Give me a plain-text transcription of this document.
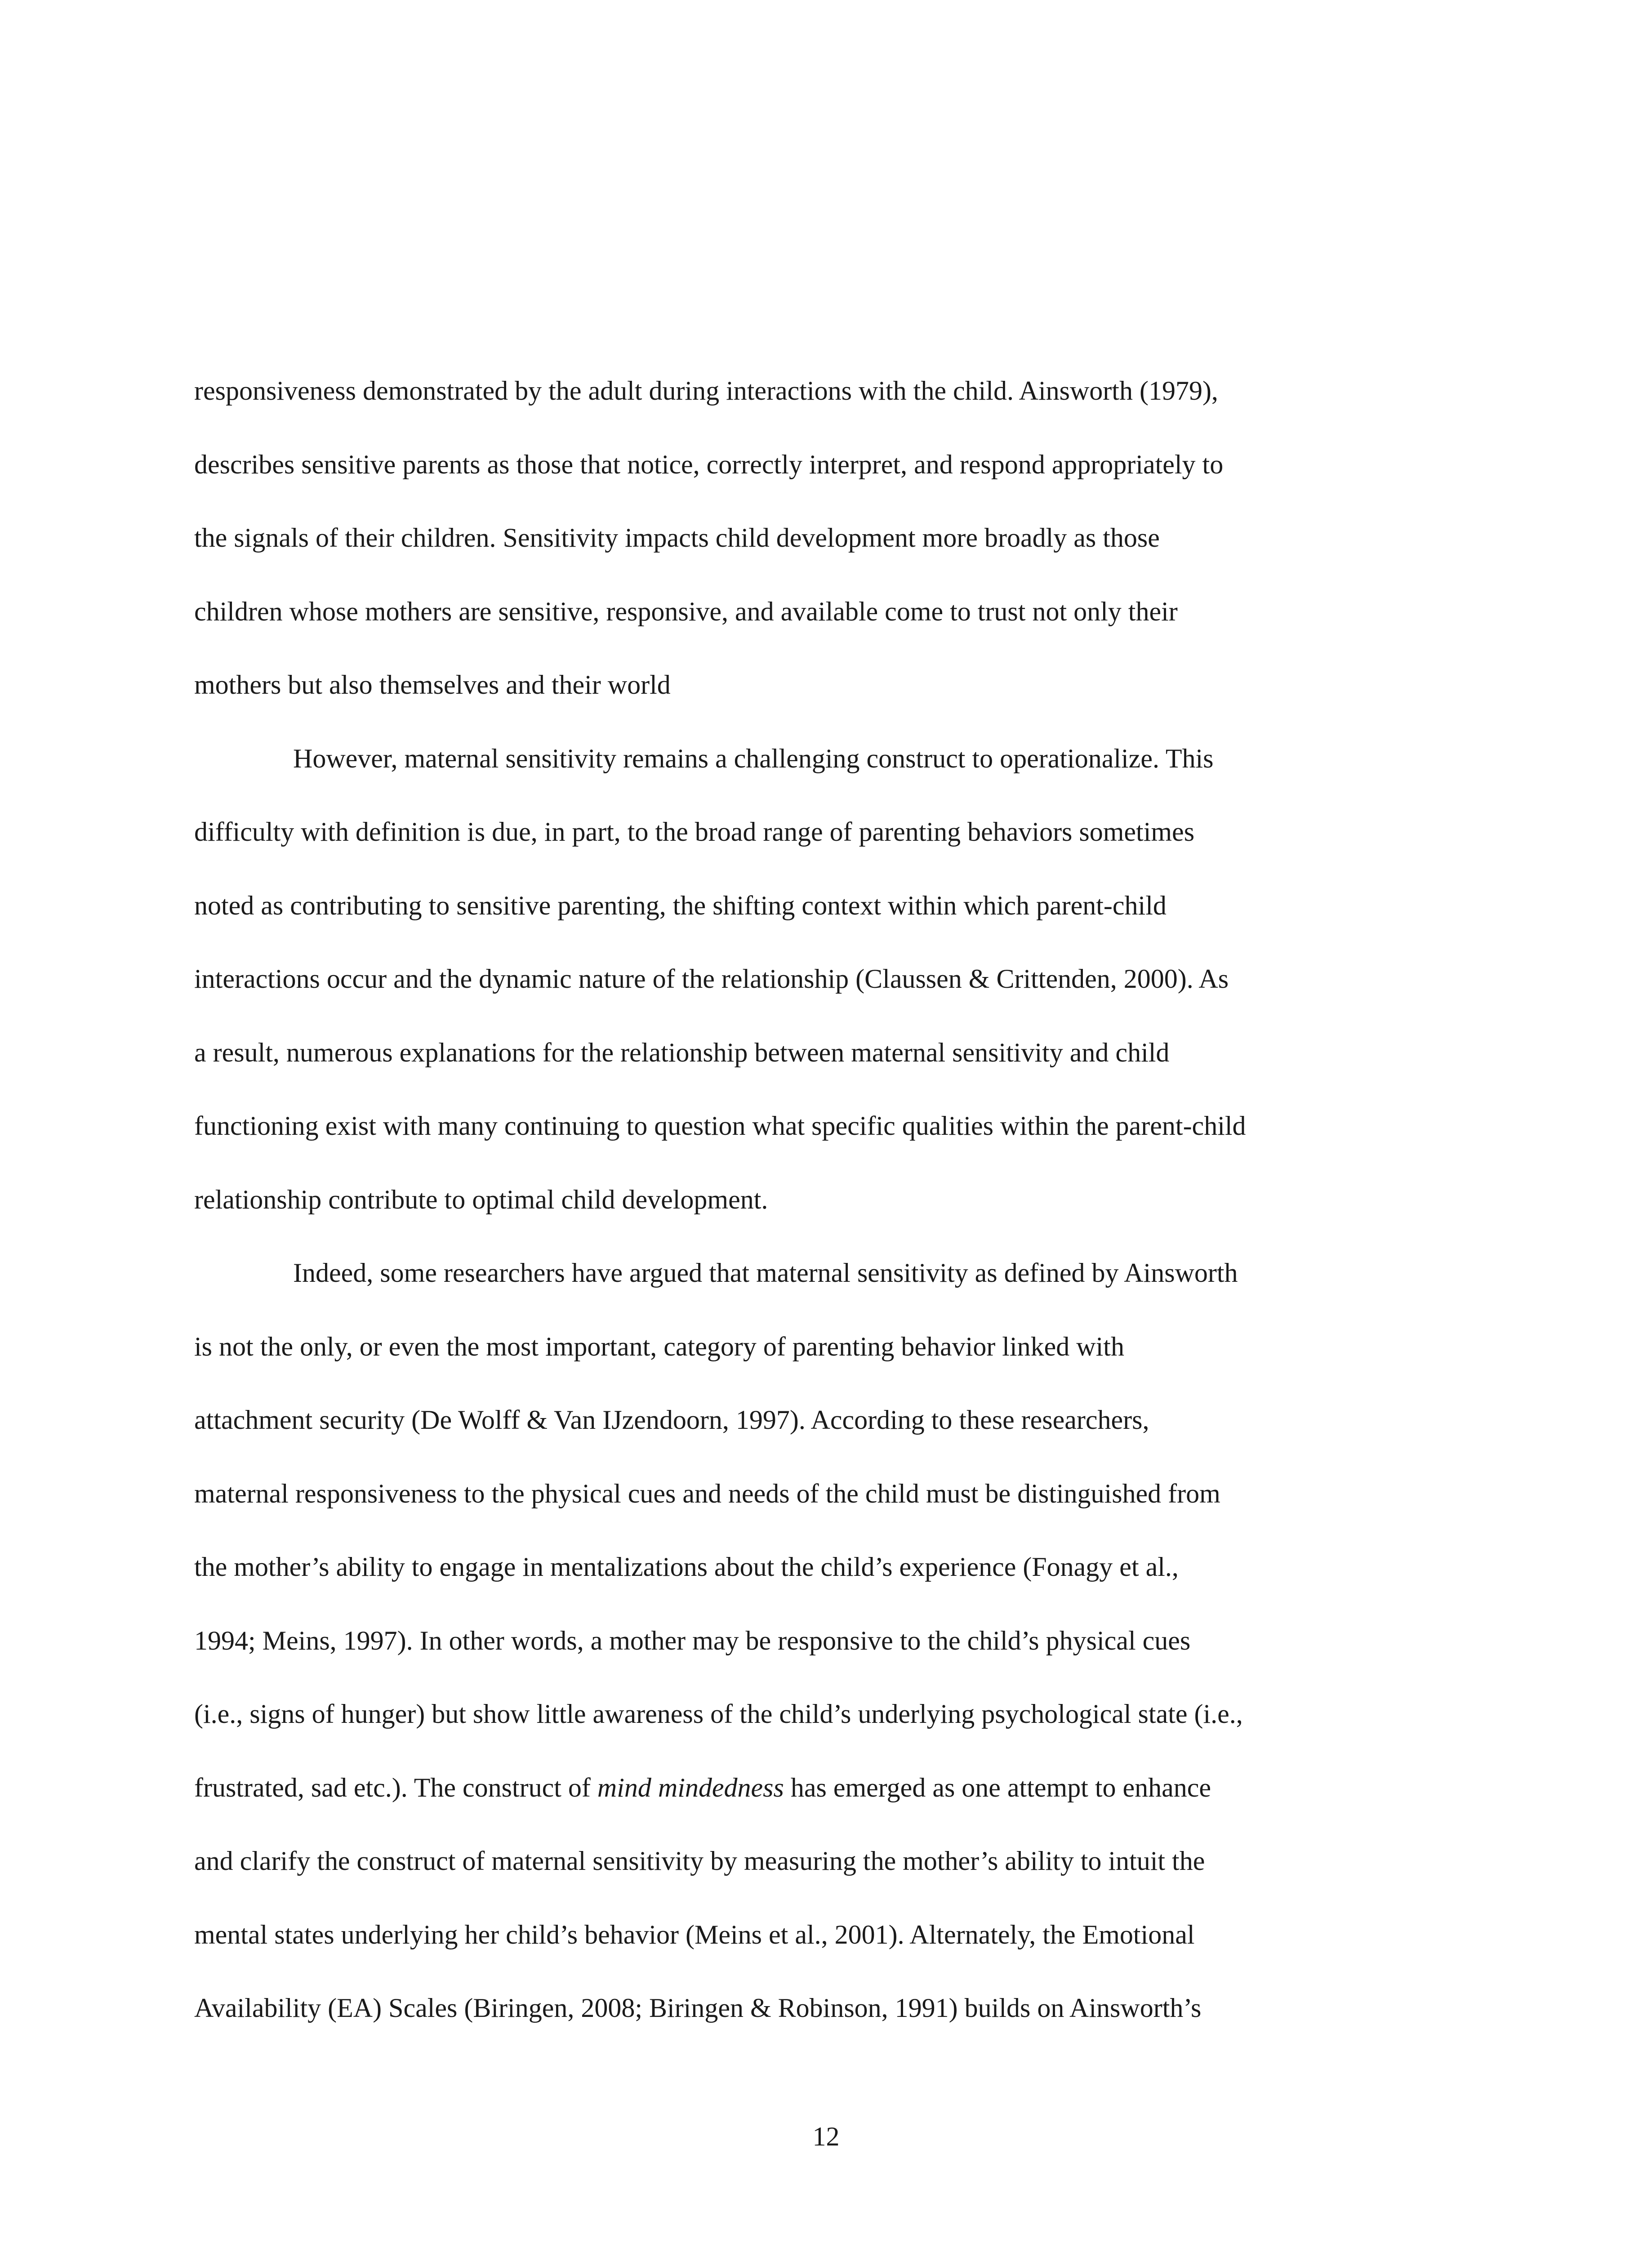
responsiveness demonstrated by the adult during interactions with the child. Ainsworth (1979),
describes sensitive parents as those that notice, correctly interpret, and respond appropriately to
the signals of their children. Sensitivity impacts child development more broadly as those
children whose mothers are sensitive, responsive, and available come to trust not only their
mothers but also themselves and their world
However, maternal sensitivity remains a challenging construct to operationalize. This
difficulty with definition is due, in part, to the broad range of parenting behaviors sometimes
noted as contributing to sensitive parenting, the shifting context within which parent-child
interactions occur and the dynamic nature of the relationship (Claussen & Crittenden, 2000). As
a result, numerous explanations for the relationship between maternal sensitivity and child
functioning exist with many continuing to question what specific qualities within the parent-child
relationship contribute to optimal child development.
Indeed, some researchers have argued that maternal sensitivity as defined by Ainsworth
is not the only, or even the most important, category of parenting behavior linked with
attachment security (De Wolff & Van IJzendoorn, 1997). According to these researchers,
maternal responsiveness to the physical cues and needs of the child must be distinguished from
the mother’s ability to engage in mentalizations about the child’s experience (Fonagy et al.,
1994; Meins, 1997). In other words, a mother may be responsive to the child’s physical cues
(i.e., signs of hunger) but show little awareness of the child’s underlying psychological state (i.e.,
frustrated, sad etc.). The construct of mind mindedness has emerged as one attempt to enhance
and clarify the construct of maternal sensitivity by measuring the mother’s ability to intuit the
mental states underlying her child’s behavior (Meins et al., 2001). Alternately, the Emotional
Availability (EA) Scales (Biringen, 2008; Biringen & Robinson, 1991) builds on Ainsworth’s
12
